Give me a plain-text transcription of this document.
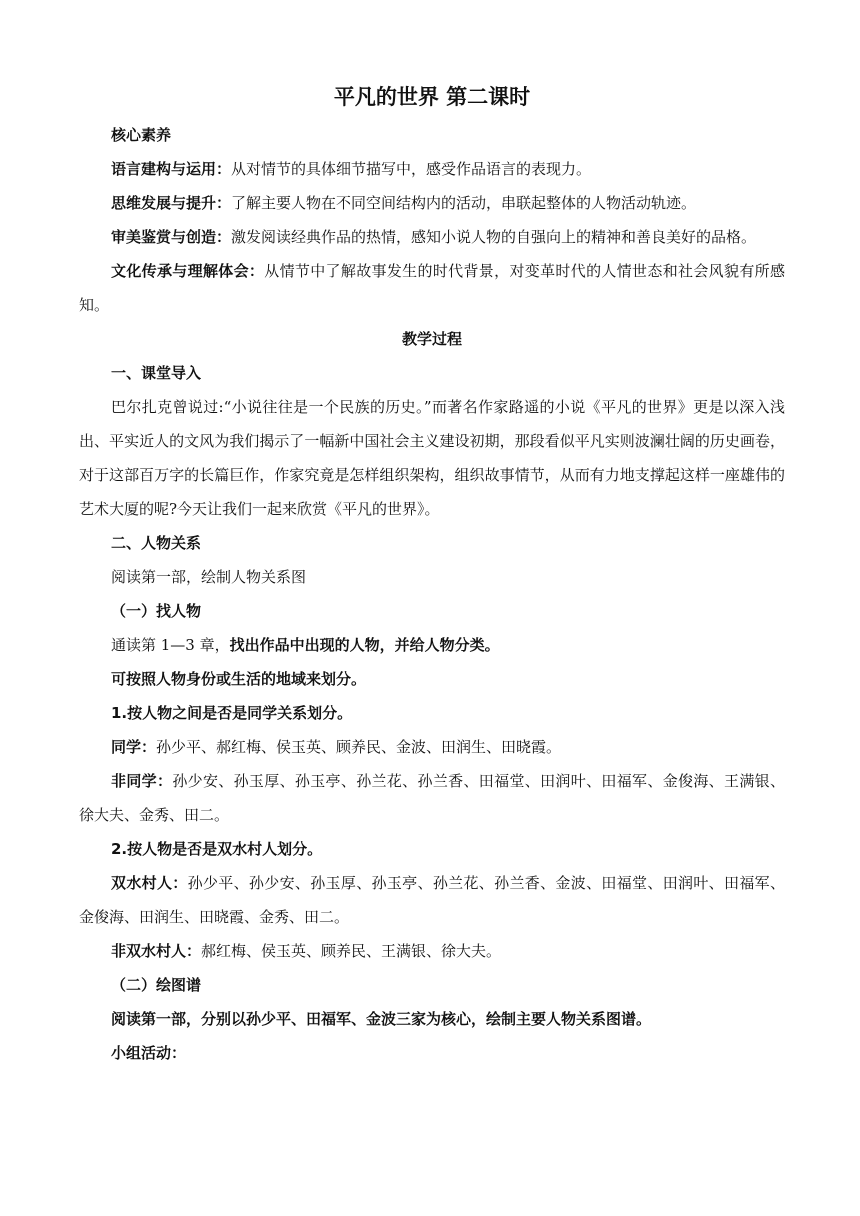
平凡的世界 第二课时

核心素养

语言建构与运用：从对情节的具体细节描写中，感受作品语言的表现力。

思维发展与提升：了解主要人物在不同空间结构内的活动，串联起整体的人物活动轨迹。

审美鉴赏与创造：激发阅读经典作品的热情，感知小说人物的自强向上的精神和善良美好的品格。

文化传承与理解体会：从情节中了解故事发生的时代背景，对变革时代的人情世态和社会风貌有所感知。

教学过程

一、课堂导入

巴尔扎克曾说过:“小说往往是一个民族的历史。”而著名作家路遥的小说《平凡的世界》更是以深入浅出、平实近人的文风为我们揭示了一幅新中国社会主义建设初期，那段看似平凡实则波澜壮阔的历史画卷，对于这部百万字的长篇巨作，作家究竟是怎样组织架构，组织故事情节，从而有力地支撑起这样一座雄伟的艺术大厦的呢?今天让我们一起来欣赏《平凡的世界》。

二、人物关系

阅读第一部，绘制人物关系图

（一）找人物

通读第 1—3 章，找出作品中出现的人物，并给人物分类。

可按照人物身份或生活的地域来划分。

1.按人物之间是否是同学关系划分。

同学：孙少平、郝红梅、侯玉英、顾养民、金波、田润生、田晓霞。

非同学：孙少安、孙玉厚、孙玉亭、孙兰花、孙兰香、田福堂、田润叶、田福军、金俊海、王满银、徐大夫、金秀、田二。

2.按人物是否是双水村人划分。

双水村人：孙少平、孙少安、孙玉厚、孙玉亭、孙兰花、孙兰香、金波、田福堂、田润叶、田福军、金俊海、田润生、田晓霞、金秀、田二。

非双水村人：郝红梅、侯玉英、顾养民、王满银、徐大夫。

（二）绘图谱

阅读第一部，分别以孙少平、田福军、金波三家为核心，绘制主要人物关系图谱。

小组活动：
